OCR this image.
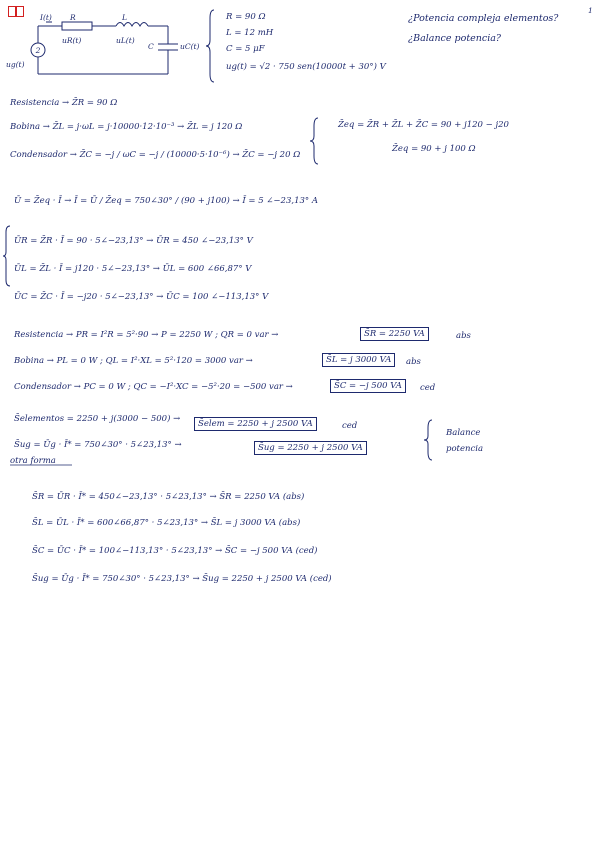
1
2
I(t) R	L
uR(t)	uL(t)
C	uC(t)
ug(t)
R = 90 Ω
L = 12 mH
C = 5 μF
ug(t) = √2 · 750 sen(10000t + 30°) V
¿Potencia compleja elementos?
¿Balance potencia?
Resistencia → Z̄R = 90 Ω
Bobina → Z̄L = j·ωL = j·10000·12·10⁻³ → Z̄L = j 120 Ω
Condensador → Z̄C = −j / ωC = −j / (10000·5·10⁻⁶) → Z̄C = −j 20 Ω
Z̄eq = Z̄R + Z̄L + Z̄C = 90 + j120 − j20
Z̄eq = 90 + j 100 Ω
Ū = Z̄eq · Ī → Ī = Ū / Z̄eq = 750∠30° / (90 + j100) → Ī = 5 ∠−23,13° A
ŪR = Z̄R · Ī = 90 · 5∠−23,13° → ŪR = 450 ∠−23,13° V
ŪL = Z̄L · Ī = j120 · 5∠−23,13° → ŪL = 600 ∠66,87° V
ŪC = Z̄C · Ī = −j20 · 5∠−23,13° → ŪC = 100 ∠−113,13° V
Resistencia → PR = I²R = 5²·90 → P = 2250 W ; QR = 0 var →	S̄R = 2250 VA	abs
Bobina → PL = 0 W ; QL = I²·XL = 5²·120 = 3000 var →	S̄L = j 3000 VA	abs
Condensador → PC = 0 W ; QC = −I²·XC = −5²·20 = −500 var →	S̄C = −j 500 VA	ced
S̄elementos = 2250 + j(3000 − 500) →	S̄elem = 2250 + j 2500 VA	ced
S̄ug = Ūg · Ī* = 750∠30° · 5∠23,13° →	S̄ug = 2250 + j 2500 VA
Balance
potencia
otra forma
S̄R = ŪR · Ī* = 450∠−23,13° · 5∠23,13° → S̄R = 2250 VA (abs)
S̄L = ŪL · Ī* = 600∠66,87° · 5∠23,13° → S̄L = j 3000 VA (abs)
S̄C = ŪC · Ī* = 100∠−113,13° · 5∠23,13° → S̄C = −j 500 VA (ced)
S̄ug = Ūg · Ī* = 750∠30° · 5∠23,13° → S̄ug = 2250 + j 2500 VA (ced)
